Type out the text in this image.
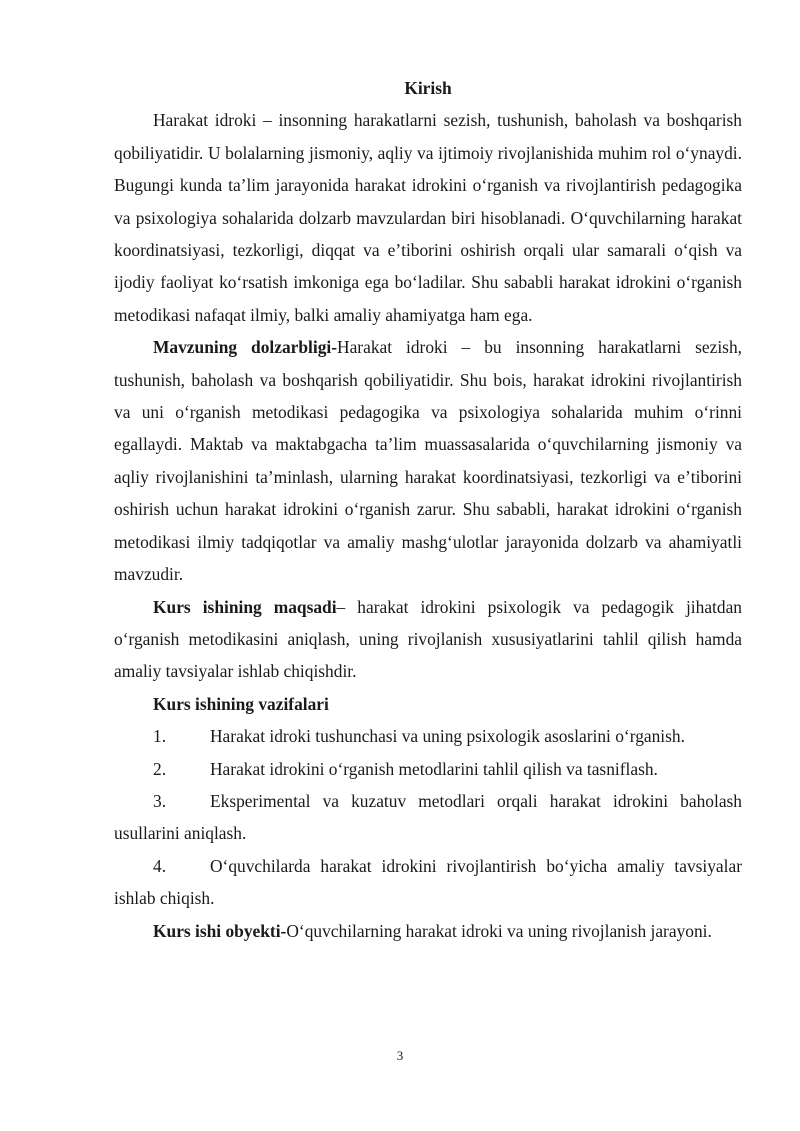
Kirish

Harakat idroki – insonning harakatlarni sezish, tushunish, baholash va boshqarish qobiliyatidir. U bolalarning jismoniy, aqliy va ijtimoiy rivojlanishida muhim rol oʻynaydi. Bugungi kunda taʼlim jarayonida harakat idrokini oʻrganish va rivojlantirish pedagogika va psixologiya sohalarida dolzarb mavzulardan biri hisoblanadi. Oʻquvchilarning harakat koordinatsiyasi, tezkorligi, diqqat va eʼtiborini oshirish orqali ular samarali oʻqish va ijodiy faoliyat koʻrsatish imkoniga ega boʻladilar. Shu sababli harakat idrokini oʻrganish metodikasi nafaqat ilmiy, balki amaliy ahamiyatga ham ega.

Mavzuning dolzarbligi-Harakat idroki – bu insonning harakatlarni sezish, tushunish, baholash va boshqarish qobiliyatidir. Shu bois, harakat idrokini rivojlantirish va uni oʻrganish metodikasi pedagogika va psixologiya sohalarida muhim oʻrinni egallaydi. Maktab va maktabgacha taʼlim muassasalarida oʻquvchilarning jismoniy va aqliy rivojlanishini taʼminlash, ularning harakat koordinatsiyasi, tezkorligi va eʼtiborini oshirish uchun harakat idrokini oʻrganish zarur. Shu sababli, harakat idrokini oʻrganish metodikasi ilmiy tadqiqotlar va amaliy mashgʻulotlar jarayonida dolzarb va ahamiyatli mavzudir.

Kurs ishining maqsadi– harakat idrokini psixologik va pedagogik jihatdan oʻrganish metodikasini aniqlash, uning rivojlanish xususiyatlarini tahlil qilish hamda amaliy tavsiyalar ishlab chiqishdir.

Kurs ishining vazifalari

1.	Harakat idroki tushunchasi va uning psixologik asoslarini oʻrganish.

2.	Harakat idrokini oʻrganish metodlarini tahlil qilish va tasniflash.

3.	Eksperimental va kuzatuv metodlari orqali harakat idrokini baholash usullarini aniqlash.

4.	Oʻquvchilarda harakat idrokini rivojlantirish boʻyicha amaliy tavsiyalar ishlab chiqish.

Kurs ishi obyekti-Oʻquvchilarning harakat idroki va uning rivojlanish jarayoni.

3
